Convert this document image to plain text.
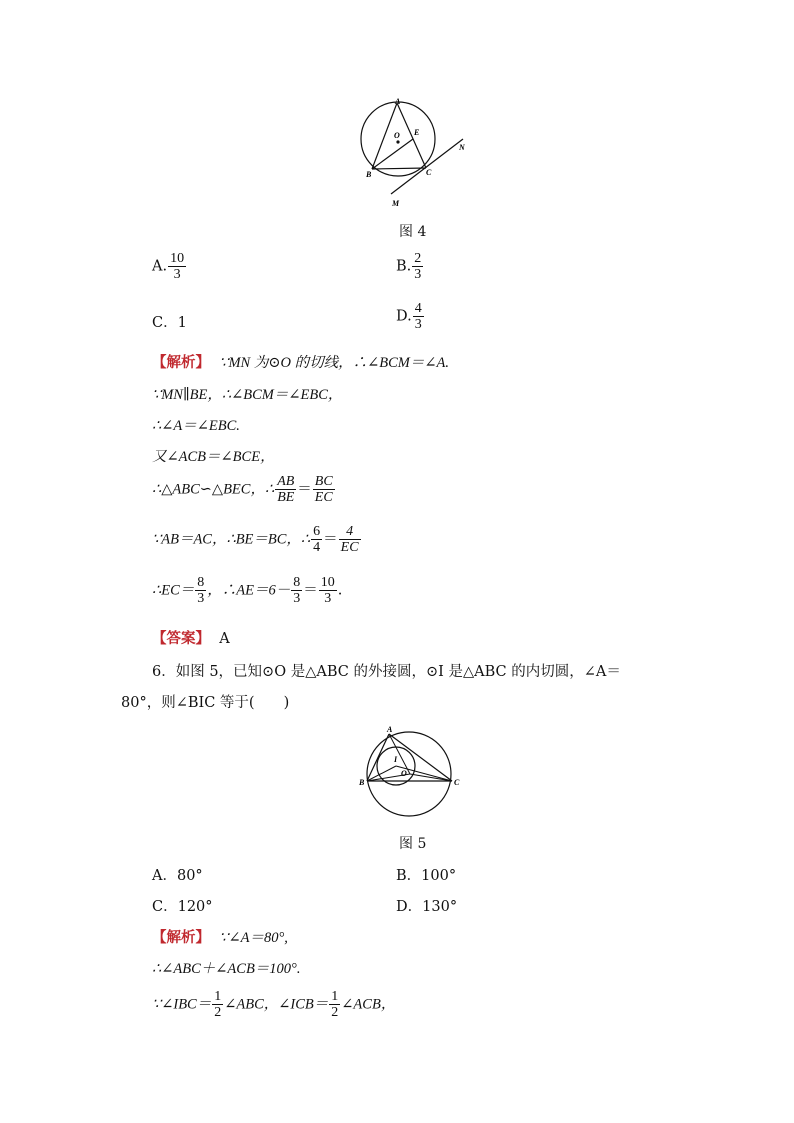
A
O E
N
B	C
M
图 4
A. $\frac{10}{3}$	B. $\frac{2}{3}$
C．1	D. $\frac{4}{3}$
【解析】 ∵MN 为⊙O 的切线，∴∠BCM＝∠A.
∵MN∥BE，∴∠BCM＝∠EBC，
∴∠A＝∠EBC.
又∠ACB＝∠BCE，
∴△ABC∽△BEC，∴ $\frac{AB}{BE} = \frac{BC}{EC}$
∵AB＝AC，∴BE＝BC，∴ $\frac{6}{4} = \frac{4}{EC}$
∴EC＝ $\frac{8}{3}$ ，∴AE＝6－ $\frac{8}{3} = \frac{10}{3}$ .
【答案】 A
6．如图 5，已知⊙O 是△ABC 的外接圆，⊙I 是△ABC 的内切圆，∠A＝
80°，则∠BIC 等于(　　)
A
I
O
B	C
图 5
A．80°	B．100°
C．120°	D．130°
【解析】 ∵∠A＝80°,
∴∠ABC＋∠ACB＝100°.
∵∠IBC＝ $\frac{1}{2}$ ∠ABC，∠ICB＝ $\frac{1}{2}$ ∠ACB，
